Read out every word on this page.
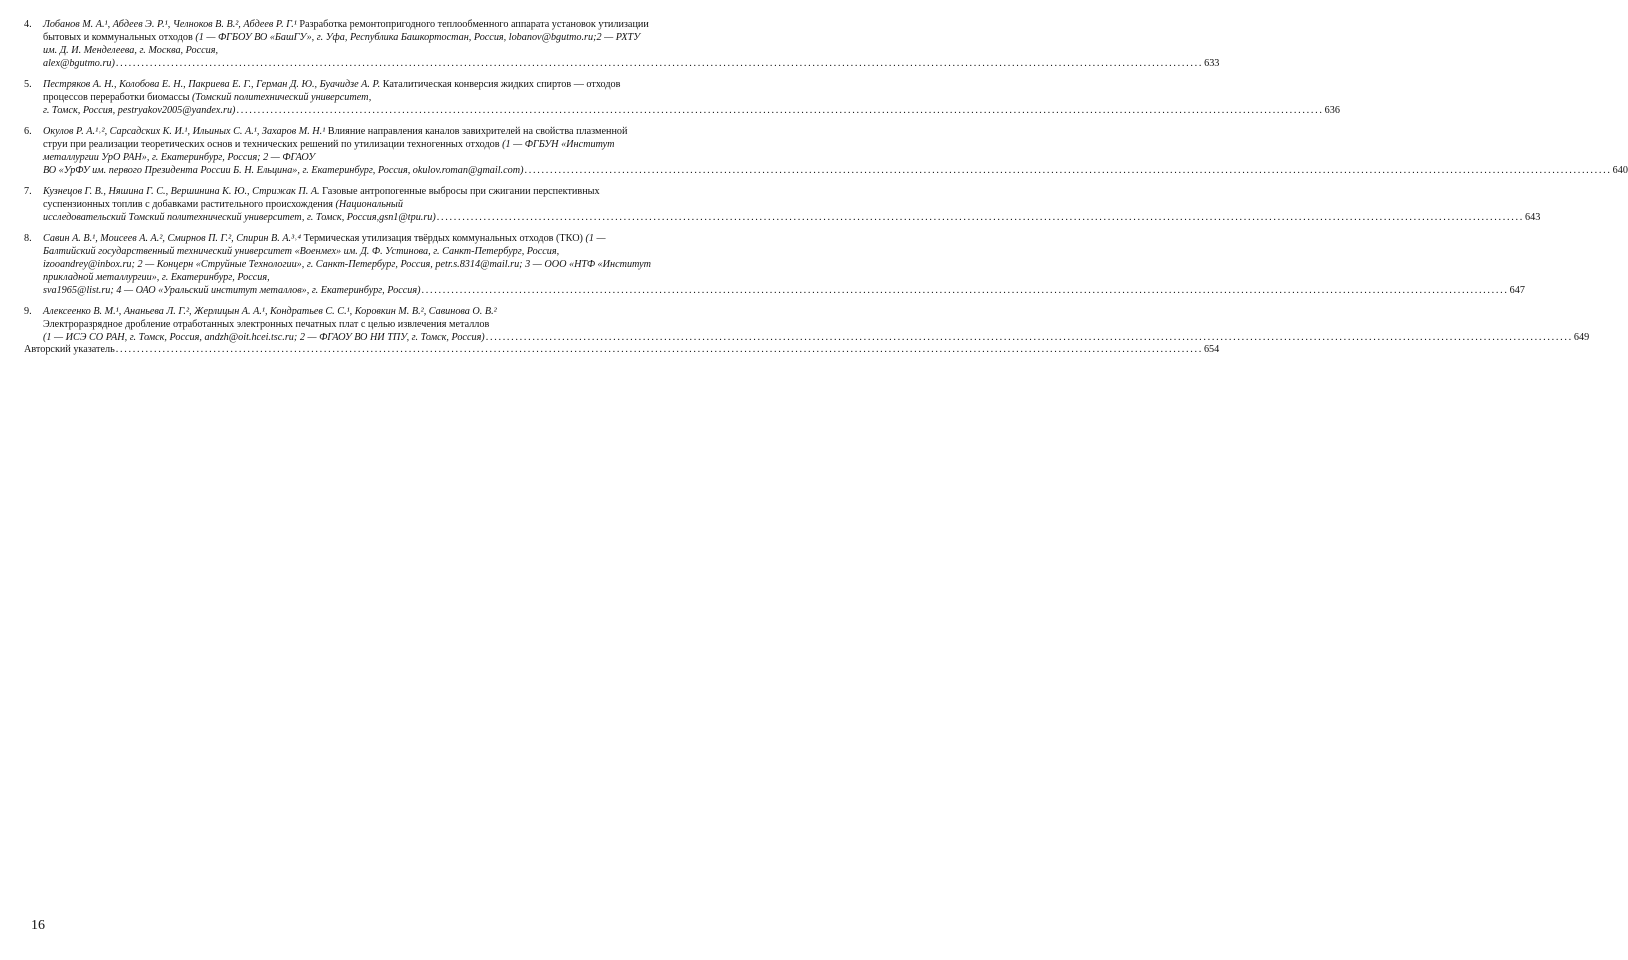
4.	Лобанов М. А.¹, Абдеев Э. Р.¹, Челноков В. В.², Абдеев Р. Г.¹ Разработка ремонтопригодного теплообменного аппарата установок утилизации бытовых и коммунальных отходов (1 — ФГБОУ ВО «БашГУ», г. Уфа, Республика Башкортостан, Россия, lobanov@bgutmo.ru;2 — РХТУ им. Д. И. Менделеева, г. Москва, Россия,
alex@bgutmo.ru) .....	633
5.	Пестряков А. Н., Колобова Е. Н., Пакриева Е. Г., Герман Д. Ю., Буачидзе А. Р. Каталитическая конверсия жидких спиртов — отходов процессов переработки биомассы (Томский политехнический университет,
г. Томск, Россия, pestryakov2005@yandex.ru) .....	636
6.	Окулов Р. А.¹˒², Сарсадских К. И.¹, Ильиных С. А.¹, Захаров М. Н.¹ Влияние направления каналов завихрителей на свойства плазменной струи при реализации теоретических основ и технических решений по утилизации техногенных отходов (1 — ФГБУН «Институт металлургии УрО РАН», г. Екатеринбург, Россия; 2 — ФГАОУ
ВО «УрФУ им. первого Президента России Б. Н. Ельцина», г. Екатеринбург, Россия, okulov.roman@gmail.com) .....	640
7.	Кузнецов Г. В., Няшина Г. С., Вершинина К. Ю., Стрижак П. А. Газовые антропогенные выбросы при сжигании перспективных суспензионных топлив с добавками растительного происхождения (Национальный
исследовательский Томский политехнический университет, г. Томск, Россия,gsn1@tpu.ru) .....	643
8.	Савин А. В.¹, Моисеев А. А.², Смирнов П. Г.², Спирин В. А.³˒⁴ Термическая утилизация твёрдых коммунальных отходов (ТКО) (1 — Балтийский государственный технический университет «Военмех» им. Д. Ф. Устинова, г. Санкт-Петербург, Россия, izooandrey@inbox.ru; 2 — Концерн «Струйные Технологии», г. Санкт-Петербург, Россия, petr.s.8314@mail.ru; 3 — ООО «НТФ «Институт прикладной металлургии», г. Екатеринбург, Россия,
sva1965@list.ru; 4 — ОАО «Уральский институт металлов», г. Екатеринбург, Россия) .....	647
9.	Алексеенко В. М.¹, Ананьева Л. Г.², Жерлицын А. А.¹, Кондратьев С. С.¹, Коровкин М. В.², Савинова О. В.²
Электроразрядное дробление отработанных электронных печатных плат с целью извлечения металлов
(1 — ИСЭ СО РАН, г. Томск, Россия, andzh@oit.hcei.tsc.ru; 2 — ФГАОУ ВО НИ ТПУ, г. Томск, Россия) .....	649
Авторский указатель .....	654
16
